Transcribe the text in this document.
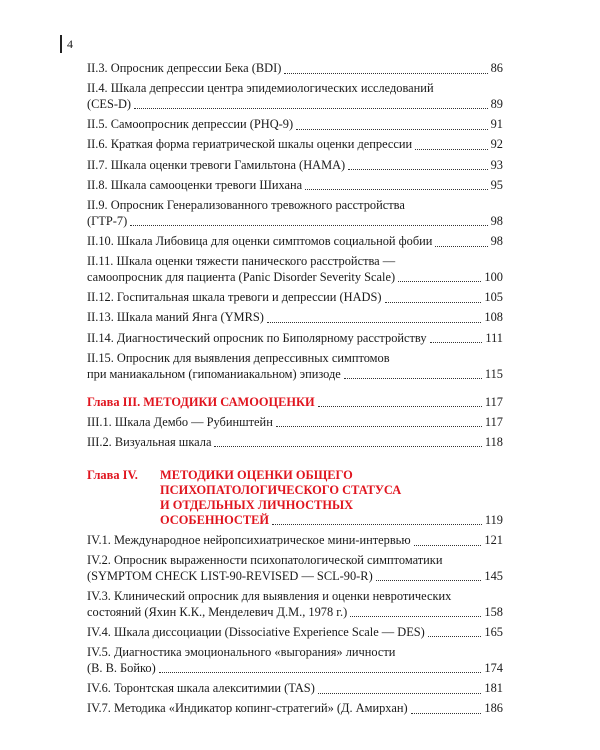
4
II.3. Опросник депрессии Бека (BDI)	86
II.4. Шкала депрессии центра эпидемиологических исследований
(CES-D)	89
II.5. Самоопросник депрессии (PHQ-9)	91
II.6. Краткая форма гериатрической шкалы оценки депрессии	92
II.7. Шкала оценки тревоги Гамильтона (HAMA)	93
II.8. Шкала самооценки тревоги Шихана	95
II.9. Опросник Генерализованного тревожного расстройства
(ГТР-7)	98
II.10. Шкала Либовица для оценки симптомов социальной фобии	98
II.11. Шкала оценки тяжести панического расстройства —
самоопросник для пациента (Panic Disorder Severity Scale)	100
II.12. Госпитальная шкала тревоги и депрессии (HADS)	105
II.13. Шкала маний Янга (YMRS)	108
II.14. Диагностический опросник по Биполярному расстройству	111
II.15. Опросник для выявления депрессивных симптомов
при маниакальном (гипоманиакальном) эпизоде	115
Глава III. МЕТОДИКИ САМООЦЕНКИ	117
III.1. Шкала Дембо — Рубинштейн	117
III.2. Визуальная шкала	118
Глава IV.	МЕТОДИКИ ОЦЕНКИ ОБЩЕГО
ПСИХОПАТОЛОГИЧЕСКОГО СТАТУСА
И ОТДЕЛЬНЫХ ЛИЧНОСТНЫХ
ОСОБЕННОСТЕЙ	119
IV.1. Международное нейропсихиатрическое мини-интервью	121
IV.2. Опросник выраженности психопатологической симптоматики
(SYMPTOM CHECK LIST-90-REVISED — SCL-90-R)	145
IV.3. Клинический опросник для выявления и оценки невротических
состояний (Яхин К.К., Менделевич Д.М., 1978 г.)	158
IV.4. Шкала диссоциации (Dissociative Experience Scale — DES)	165
IV.5. Диагностика эмоционального «выгорания» личности
(В. В. Бойко)	174
IV.6. Торонтская шкала алекситимии (TAS)	181
IV.7. Методика «Индикатор копинг-стратегий» (Д. Амирхан)	186
